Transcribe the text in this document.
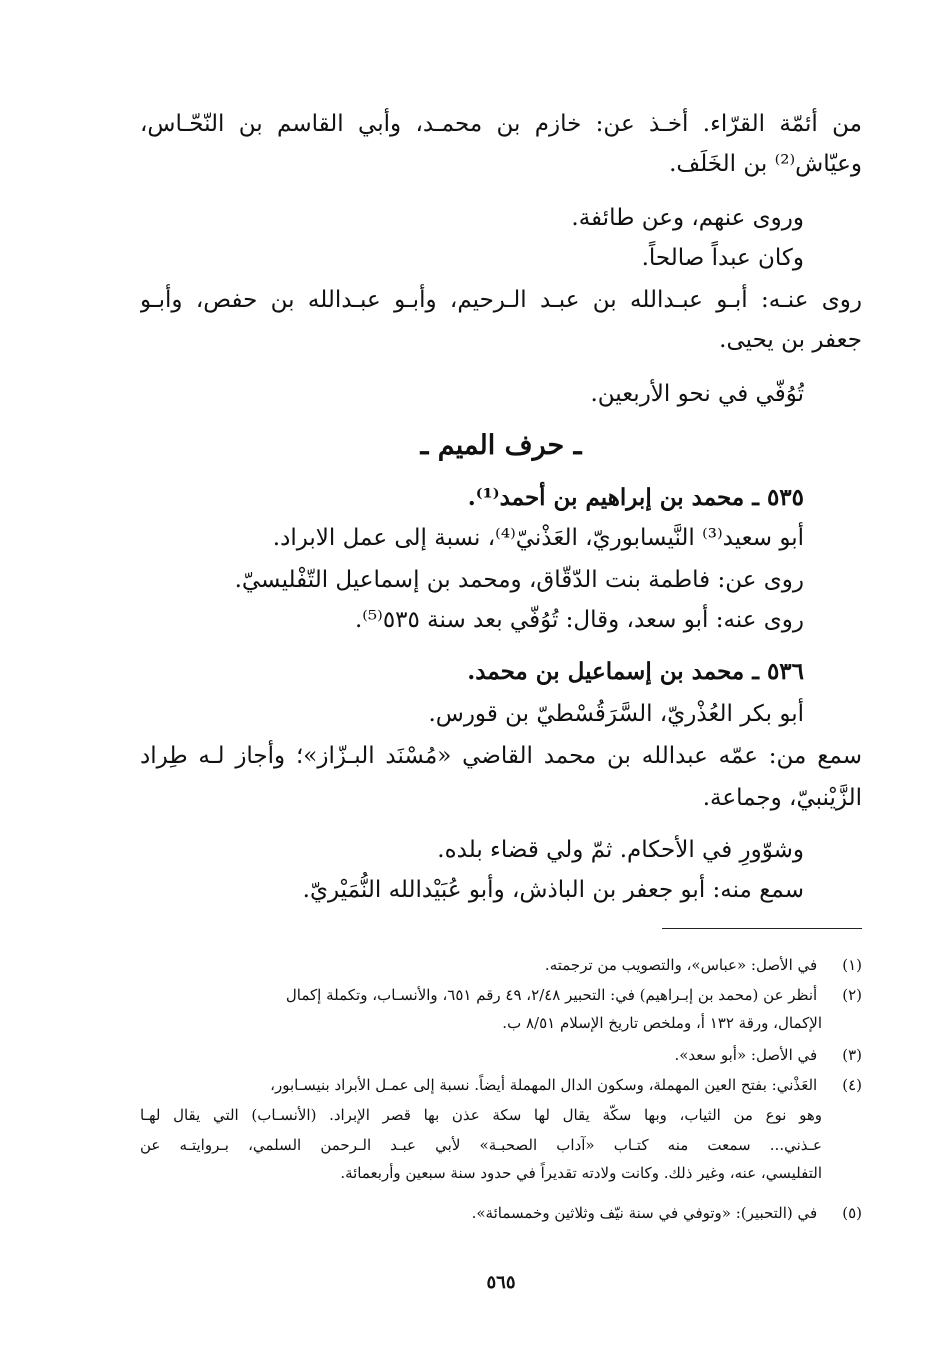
من أئمّة القرّاء. أخـذ عن: خازم بن محمـد، وأبي القاسم بن النّحّـاس،
وعيّاش⁽²⁾ بن الخَلَف.
وروى عنهم، وعن طائفة.
وكان عبداً صالحاً.
روى عنـه: أبـو عبـدالله بن عبـد الـرحيم، وأبـو عبـدالله بن حفص، وأبـو
جعفر بن يحيى.
تُوُفّي في نحو الأربعين.
ـ حرف الميم ـ
٥٣٥ ـ محمد بن إبراهيم بن أحمد⁽¹⁾.
أبو سعيد⁽³⁾ النَّيسابوريّ، العَذْنيّ⁽⁴⁾، نسبة إلى عمل الابراد.
روى عن: فاطمة بنت الدّقّاق، ومحمد بن إسماعيل التّفْليسيّ.
روى عنه: أبو سعد، وقال: تُوُفّي بعد سنة ٥٣٥⁽⁵⁾.
٥٣٦ ـ محمد بن إسماعيل بن محمد.
أبو بكر العُذْريّ، السَّرَقُسْطيّ بن قورس.
سمع من: عمّه عبدالله بن محمد القاضي «مُسْنَد البـزّاز»؛ وأجاز لـه طِراد
الزَّيْنبيّ، وجماعة.
وشوّورِ في الأحكام. ثمّ ولي قضاء بلده.
سمع منه: أبو جعفر بن الباذش، وأبو عُبَيْدالله النُّمَيْريّ.
(١) في الأصل: «عباس»، والتصويب من ترجمته.
(٢) أنظر عن (محمد بن إبـراهيم) في: التحبير ٢/٤٨، ٤٩ رقم ٦٥١، والأنسـاب، وتكملة إكمال
الإكمال، ورقة ١٣٢ أ، وملخص تاريخ الإسلام ٨/٥١ ب.
(٣) في الأصل: «أبو سعد».
(٤) العَذْني: بفتح العين المهملة، وسكون الدال المهملة أيضاً. نسبة إلى عمـل الأبراد بنيسـابور،
وهو نوع من الثياب، وبها سكّة يقال لها سكة عذن بها قصر الإبراد. (الأنسـاب) التي يقال لهـا
عـذني... سمعت منه كتـاب «آداب الصحبـة» لأبي عبـد الـرحمن السلمي، بـروايتـه عن
التفليسي، عنه، وغير ذلك. وكانت ولادته تقديراً في حدود سنة سبعين وأربعمائة.
(٥) في (التحبير): «وتوفي في سنة نيّف وثلاثين وخمسمائة».
٥٦٥
